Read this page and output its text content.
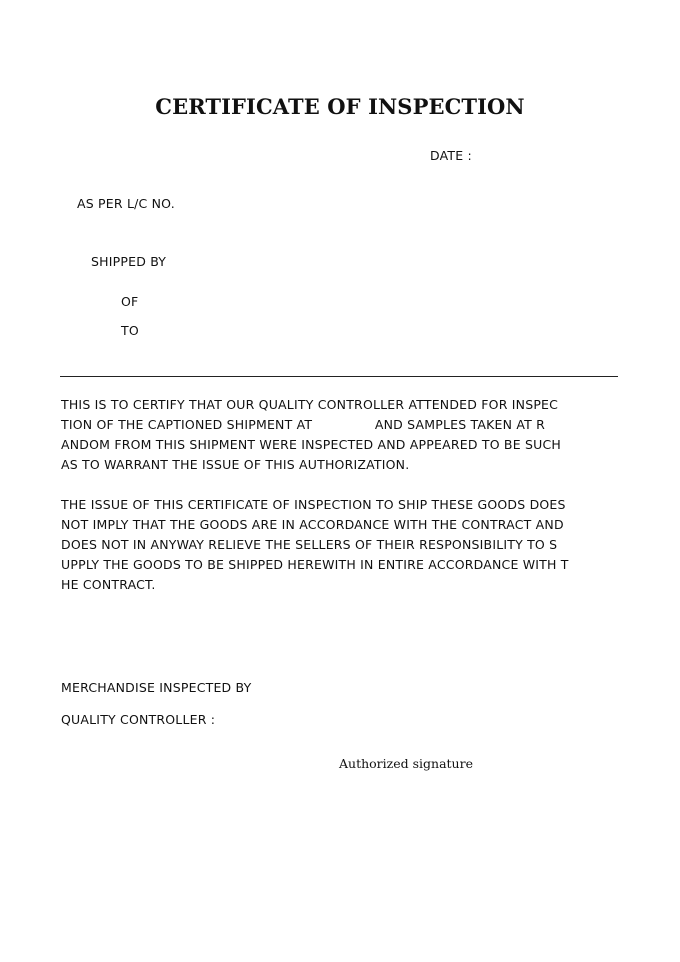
CERTIFICATE OF INSPECTION
DATE :
AS PER L/C NO.
SHIPPED BY
OF
TO
THIS IS TO CERTIFY THAT OUR QUALITY CONTROLLER ATTENDED FOR INSPEC
TION OF THE CAPTIONED SHIPMENT AT               AND SAMPLES TAKEN AT R
ANDOM FROM THIS SHIPMENT WERE INSPECTED AND APPEARED TO BE SUCH
AS TO WARRANT THE ISSUE OF THIS AUTHORIZATION.
THE ISSUE OF THIS CERTIFICATE OF INSPECTION TO SHIP THESE GOODS DOES
NOT IMPLY THAT THE GOODS ARE IN ACCORDANCE WITH THE CONTRACT AND
DOES NOT IN ANYWAY RELIEVE THE SELLERS OF THEIR RESPONSIBILITY TO S
UPPLY THE GOODS TO BE SHIPPED HEREWITH IN ENTIRE ACCORDANCE WITH T
HE CONTRACT.
MERCHANDISE INSPECTED BY
QUALITY CONTROLLER :
Authorized signature
